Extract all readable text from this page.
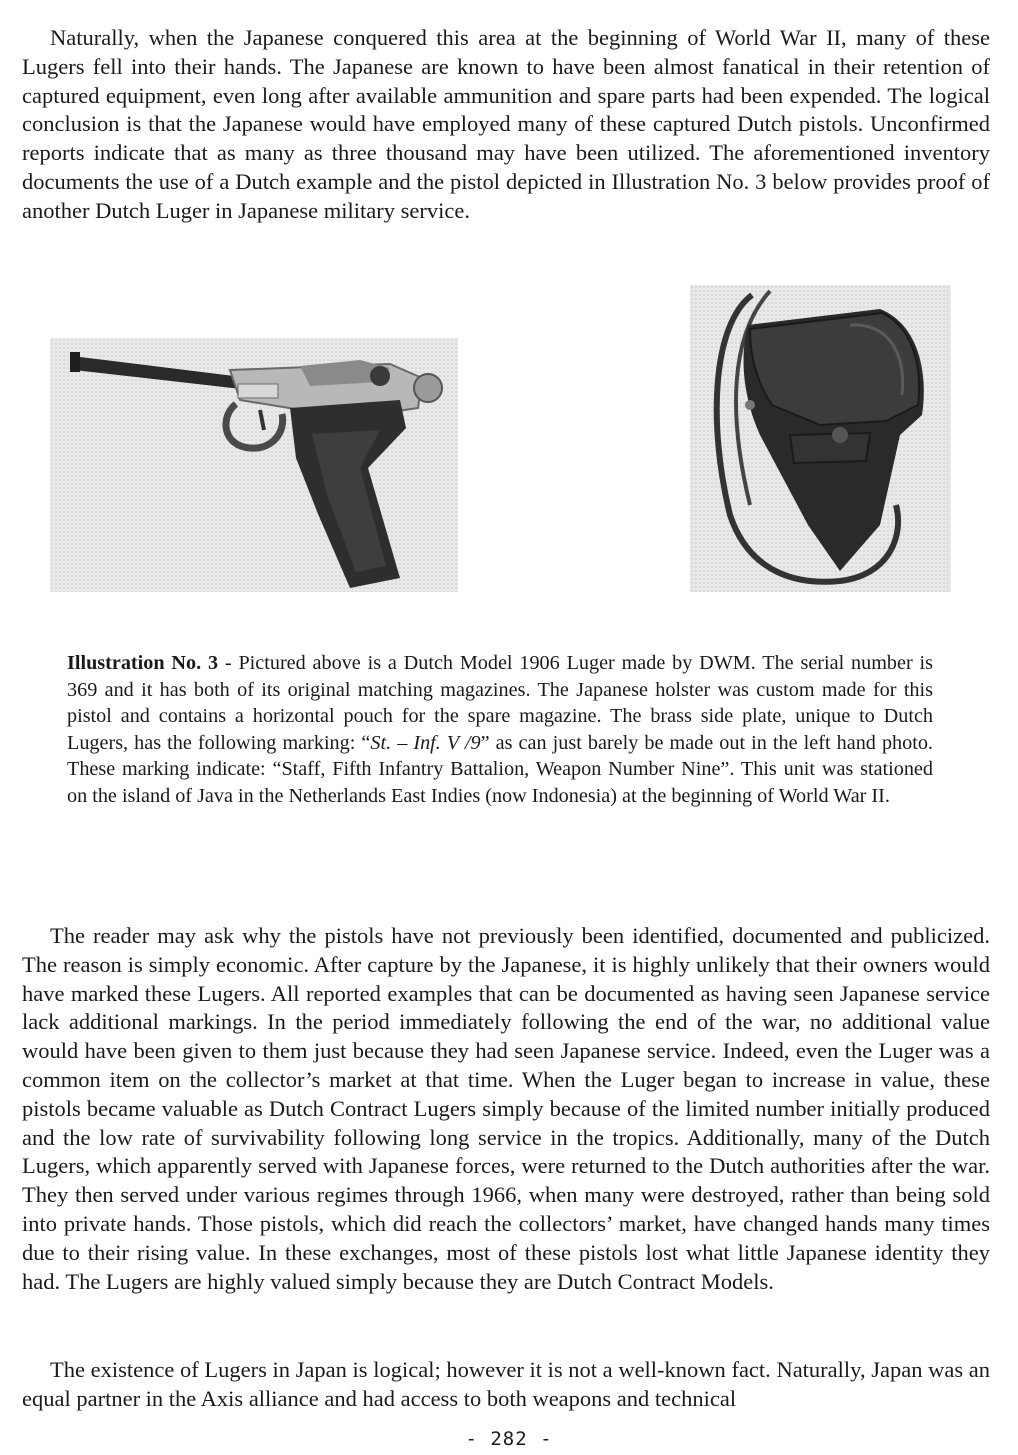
Naturally, when the Japanese conquered this area at the beginning of World War II, many of these Lugers fell into their hands. The Japanese are known to have been almost fanatical in their retention of captured equipment, even long after available ammunition and spare parts had been expended. The logical conclusion is that the Japanese would have employed many of these captured Dutch pistols. Unconfirmed reports indicate that as many as three thousand may have been utilized. The aforementioned inventory documents the use of a Dutch example and the pistol depicted in Illustration No. 3 below provides proof of another Dutch Luger in Japanese military service.

Illustration No. 3 - Pictured above is a Dutch Model 1906 Luger made by DWM. The serial number is 369 and it has both of its original matching magazines. The Japanese holster was custom made for this pistol and contains a horizontal pouch for the spare magazine. The brass side plate, unique to Dutch Lugers, has the following marking: “St. – Inf. V /9” as can just barely be made out in the left hand photo. These marking indicate: “Staff, Fifth Infantry Battalion, Weapon Number Nine”. This unit was stationed on the island of Java in the Netherlands East Indies (now Indonesia) at the beginning of World War II.

The reader may ask why the pistols have not previously been identified, documented and publicized. The reason is simply economic. After capture by the Japanese, it is highly unlikely that their owners would have marked these Lugers. All reported examples that can be documented as having seen Japanese service lack additional markings. In the period immediately following the end of the war, no additional value would have been given to them just because they had seen Japanese service. Indeed, even the Luger was a common item on the collector’s market at that time. When the Luger began to increase in value, these pistols became valuable as Dutch Contract Lugers simply because of the limited number initially produced and the low rate of survivability following long service in the tropics. Additionally, many of the Dutch Lugers, which apparently served with Japanese forces, were returned to the Dutch authorities after the war. They then served under various regimes through 1966, when many were destroyed, rather than being sold into private hands. Those pistols, which did reach the collectors’ market, have changed hands many times due to their rising value. In these exchanges, most of these pistols lost what little Japanese identity they had. The Lugers are highly valued simply because they are Dutch Contract Models.

The existence of Lugers in Japan is logical; however it is not a well-known fact. Naturally, Japan was an equal partner in the Axis alliance and had access to both weapons and technical

- 282 -
